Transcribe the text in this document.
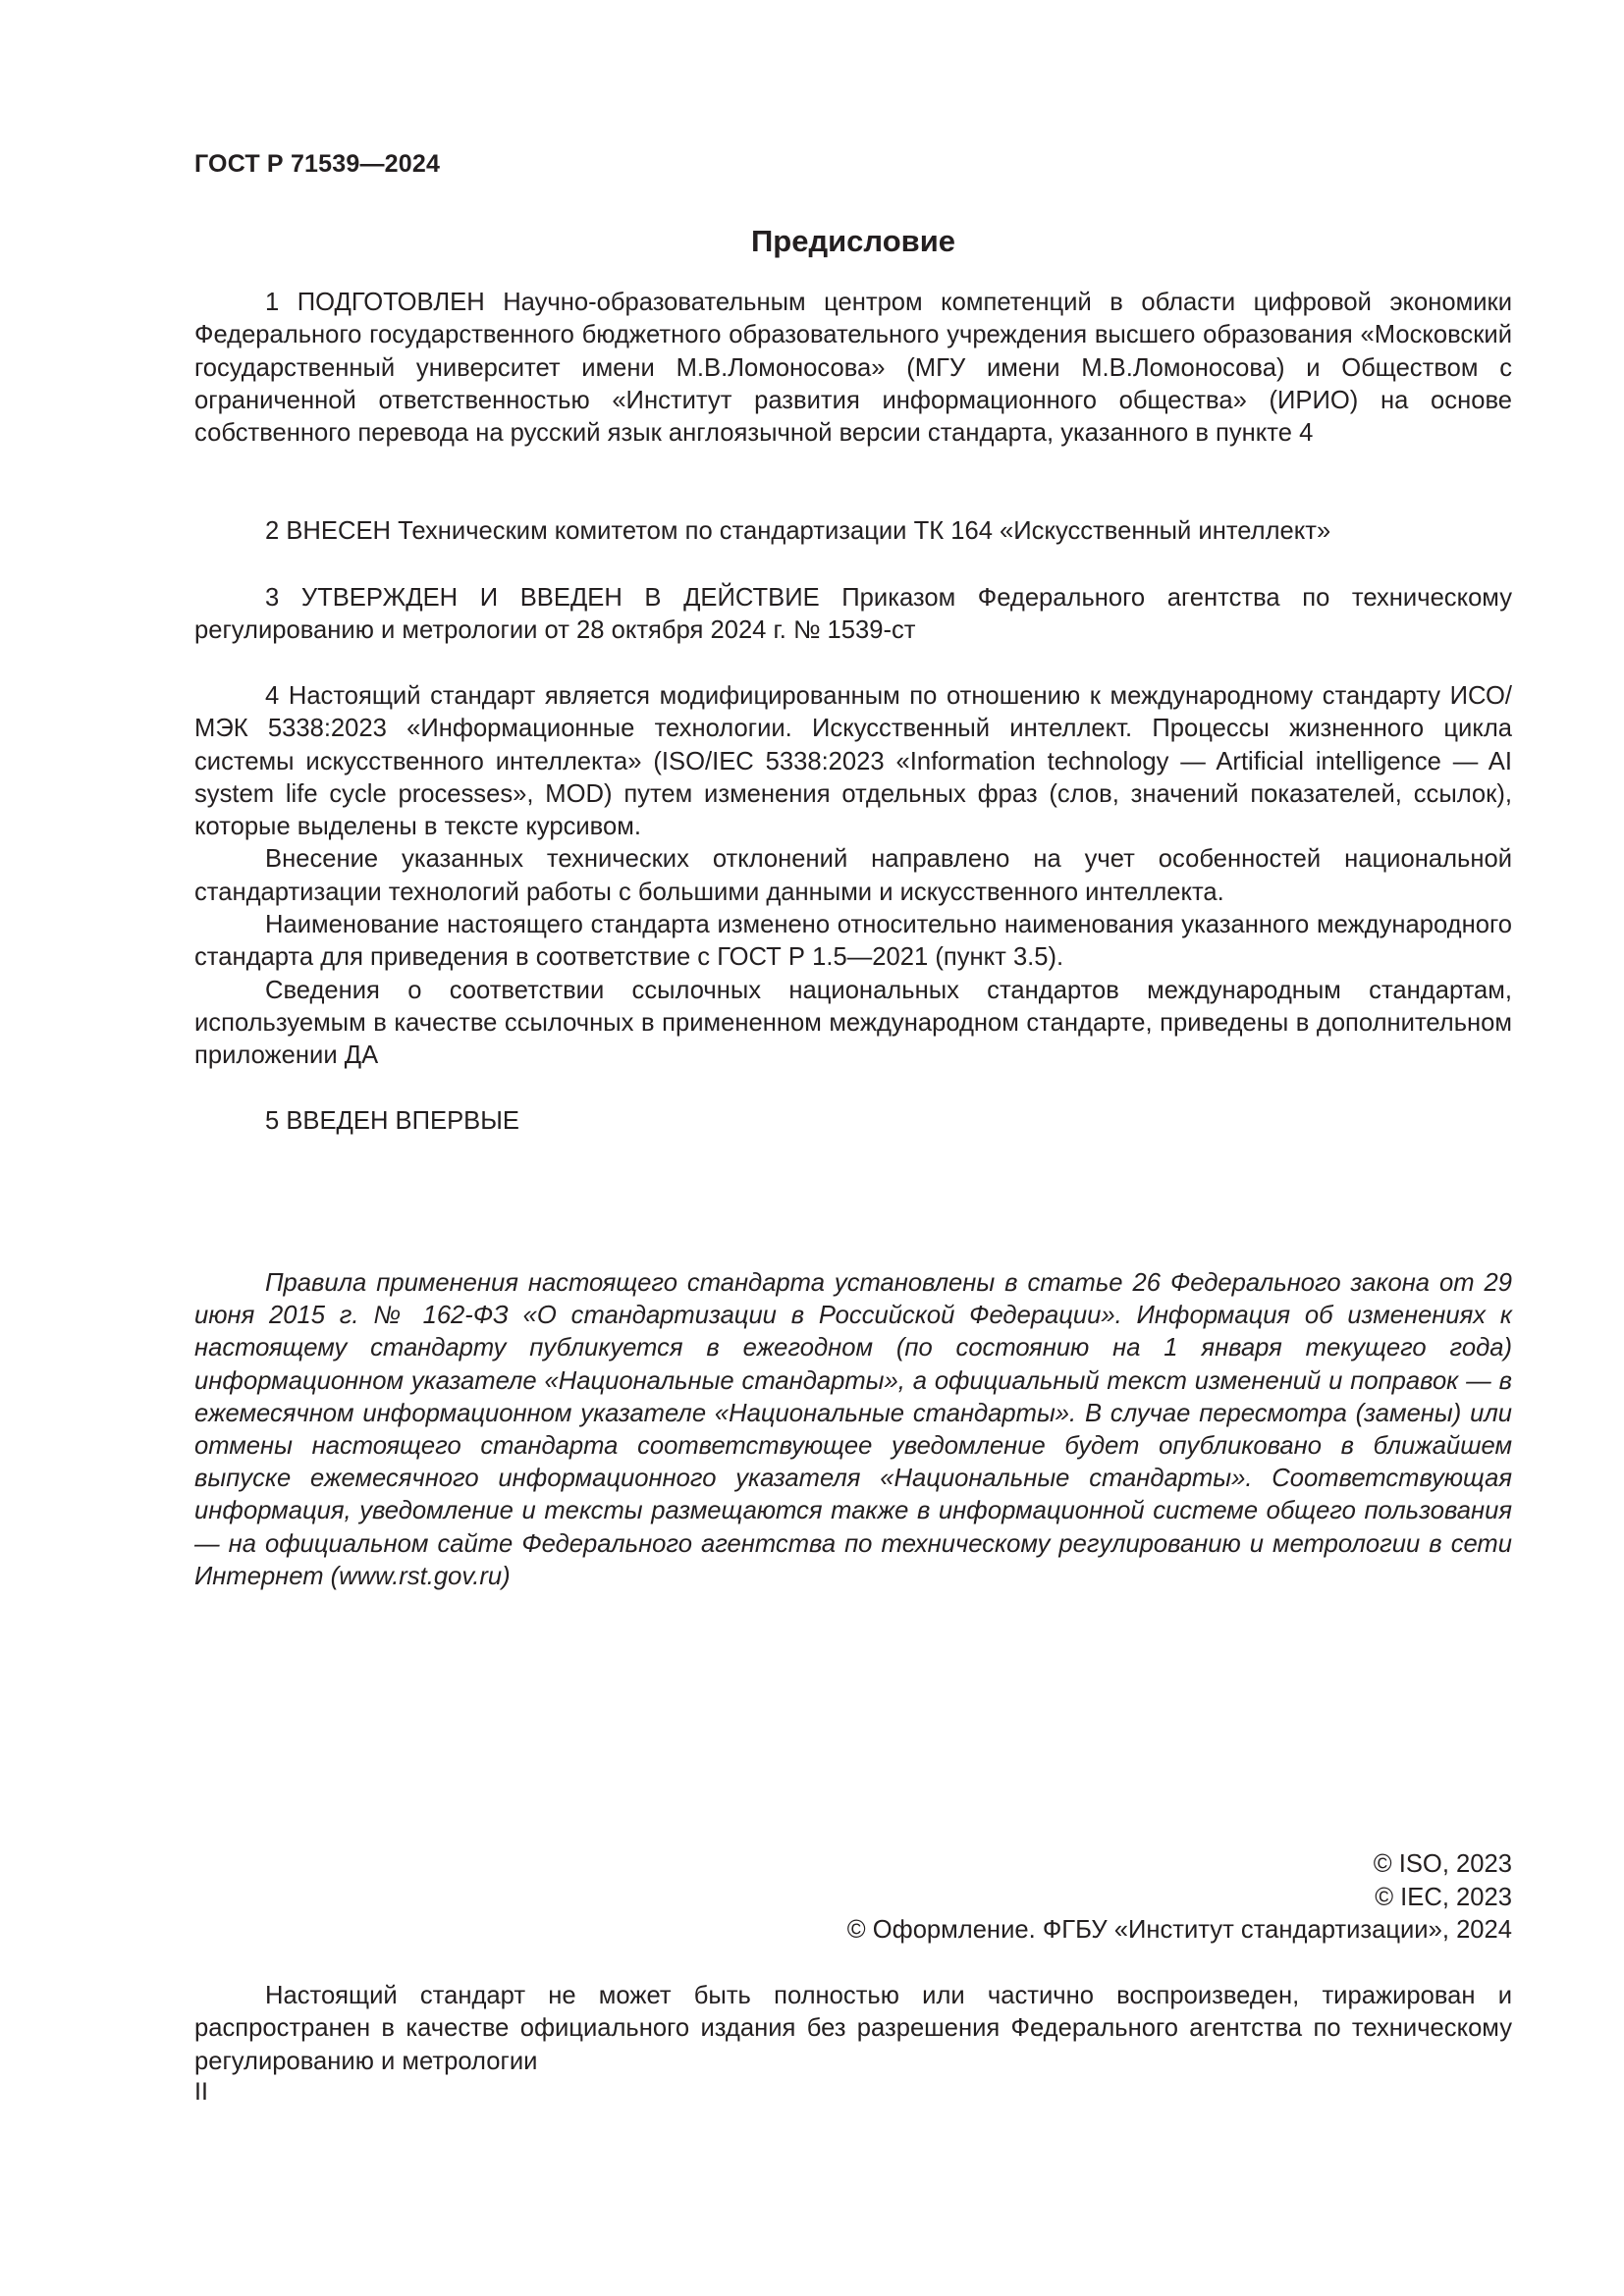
ГОСТ Р 71539—2024
Предисловие

1 ПОДГОТОВЛЕН Научно-образовательным центром компетенций в области цифровой экономики Федерального государственного бюджетного образовательного учреждения высшего образования «Московский государственный университет имени М.В.Ломоносова» (МГУ имени М.В.Ломоносова) и Обществом с ограниченной ответственностью «Институт развития информационного общества» (ИРИО) на основе собственного перевода на русский язык англоязычной версии стандарта, указанного в пункте 4

2 ВНЕСЕН Техническим комитетом по стандартизации ТК 164 «Искусственный интеллект»

3 УТВЕРЖДЕН И ВВЕДЕН В ДЕЙСТВИЕ Приказом Федерального агентства по техническому регулированию и метрологии от 28 октября 2024 г. № 1539-ст

4 Настоящий стандарт является модифицированным по отношению к международному стандарту ИСО/МЭК 5338:2023 «Информационные технологии. Искусственный интеллект. Процессы жизненного цикла системы искусственного интеллекта» (ISO/IEC 5338:2023 «Information technology — Artificial intelligence — AI system life cycle processes», MOD) путем изменения отдельных фраз (слов, значений показателей, ссылок), которые выделены в тексте курсивом.

Внесение указанных технических отклонений направлено на учет особенностей национальной стандартизации технологий работы с большими данными и искусственного интеллекта.

Наименование настоящего стандарта изменено относительно наименования указанного международного стандарта для приведения в соответствие с ГОСТ Р 1.5—2021 (пункт 3.5).

Сведения о соответствии ссылочных национальных стандартов международным стандартам, используемым в качестве ссылочных в примененном международном стандарте, приведены в дополнительном приложении ДА

5 ВВЕДЕН ВПЕРВЫЕ

Правила применения настоящего стандарта установлены в статье 26 Федерального закона от 29 июня 2015 г. № 162-ФЗ «О стандартизации в Российской Федерации». Информация об изменениях к настоящему стандарту публикуется в ежегодном (по состоянию на 1 января текущего года) информационном указателе «Национальные стандарты», а официальный текст изменений и поправок — в ежемесячном информационном указателе «Национальные стандарты». В случае пересмотра (замены) или отмены настоящего стандарта соответствующее уведомление будет опубликовано в ближайшем выпуске ежемесячного информационного указателя «Национальные стандарты». Соответствующая информация, уведомление и тексты размещаются также в информационной системе общего пользования — на официальном сайте Федерального агентства по техническому регулированию и метрологии в сети Интернет (www.rst.gov.ru)

© ISO, 2023
© IEC, 2023
© Оформление. ФГБУ «Институт стандартизации», 2024

Настоящий стандарт не может быть полностью или частично воспроизведен, тиражирован и распространен в качестве официального издания без разрешения Федерального агентства по техническому регулированию и метрологии

II
